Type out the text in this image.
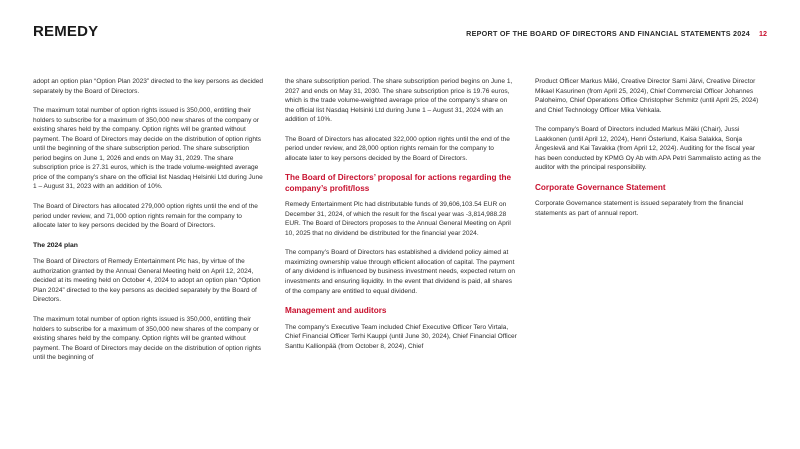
REMEDY	REPORT OF THE BOARD OF DIRECTORS AND FINANCIAL STATEMENTS 2024 12

adopt an option plan “Option Plan 2023” directed to the key persons as decided separately by the Board of Directors.

The maximum total number of option rights issued is 350,000, entitling their holders to subscribe for a maximum of 350,000 new shares of the company or existing shares held by the company. Option rights will be granted without payment. The Board of Directors may decide on the distribution of option rights until the beginning of the share subscription period. The share subscription period begins on June 1, 2026 and ends on May 31, 2029. The share subscription price is 27.31 euros, which is the trade volume-weighted average price of the company’s share on the official list Nasdaq Helsinki Ltd during June 1 – August 31, 2023 with an addition of 10%.

The Board of Directors has allocated 279,000 option rights until the end of the period under review, and 71,000 option rights remain for the company to allocate later to key persons decided by the Board of Directors.

The 2024 plan

The Board of Directors of Remedy Entertainment Plc has, by virtue of the authorization granted by the Annual General Meeting held on April 12, 2024, decided at its meeting held on October 4, 2024 to adopt an option plan “Option Plan 2024” directed to the key persons as decided separately by the Board of Directors.

The maximum total number of option rights issued is 350,000, entitling their holders to subscribe for a maximum of 350,000 new shares of the company or existing shares held by the company. Option rights will be granted without payment. The Board of Directors may decide on the distribution of option rights until the beginning of

the share subscription period. The share subscription period begins on June 1, 2027 and ends on May 31, 2030. The share subscription price is 19.76 euros, which is the trade volume-weighted average price of the company’s share on the official list Nasdaq Helsinki Ltd during June 1 – August 31, 2024 with an addition of 10%.

The Board of Directors has allocated 322,000 option rights until the end of the period under review, and 28,000 option rights remain for the company to allocate later to key persons decided by the Board of Directors.

The Board of Directors’ proposal for actions regarding the company’s profit/loss

Remedy Entertainment Plc had distributable funds of 39,606,103.54 EUR on December 31, 2024, of which the result for the fiscal year was -3,814,988.28 EUR. The Board of Directors proposes to the Annual General Meeting on April 10, 2025 that no dividend be distributed for the financial year 2024.

The company’s Board of Directors has established a dividend policy aimed at maximizing ownership value through efficient allocation of capital. The payment of any dividend is influenced by business investment needs, expected return on investments and ensuring liquidity. In the event that dividend is paid, all shares of the company are entitled to equal dividend.

Management and auditors

The company’s Executive Team included Chief Executive Officer Tero Virtala, Chief Financial Officer Terhi Kauppi (until June 30, 2024), Chief Financial Officer Santtu Kallionpää (from October 8, 2024), Chief

Product Officer Markus Mäki, Creative Director Sami Järvi, Creative Director Mikael Kasurinen (from April 25, 2024), Chief Commercial Officer Johannes Paloheimo, Chief Operations Office Christopher Schmitz (until April 25, 2024) and Chief Technology Officer Mika Vehkala.

The company’s Board of Directors included Markus Mäki (Chair), Jussi Laakkonen (until April 12, 2024), Henri Österlund, Kaisa Salakka, Sonja Ängeslevä and Kai Tavakka (from April 12, 2024). Auditing for the fiscal year has been conducted by KPMG Oy Ab with APA Petri Sammalisto acting as the auditor with the principal responsibility.

Corporate Governance Statement

Corporate Governance statement is issued separately from the financial statements as part of annual report.
